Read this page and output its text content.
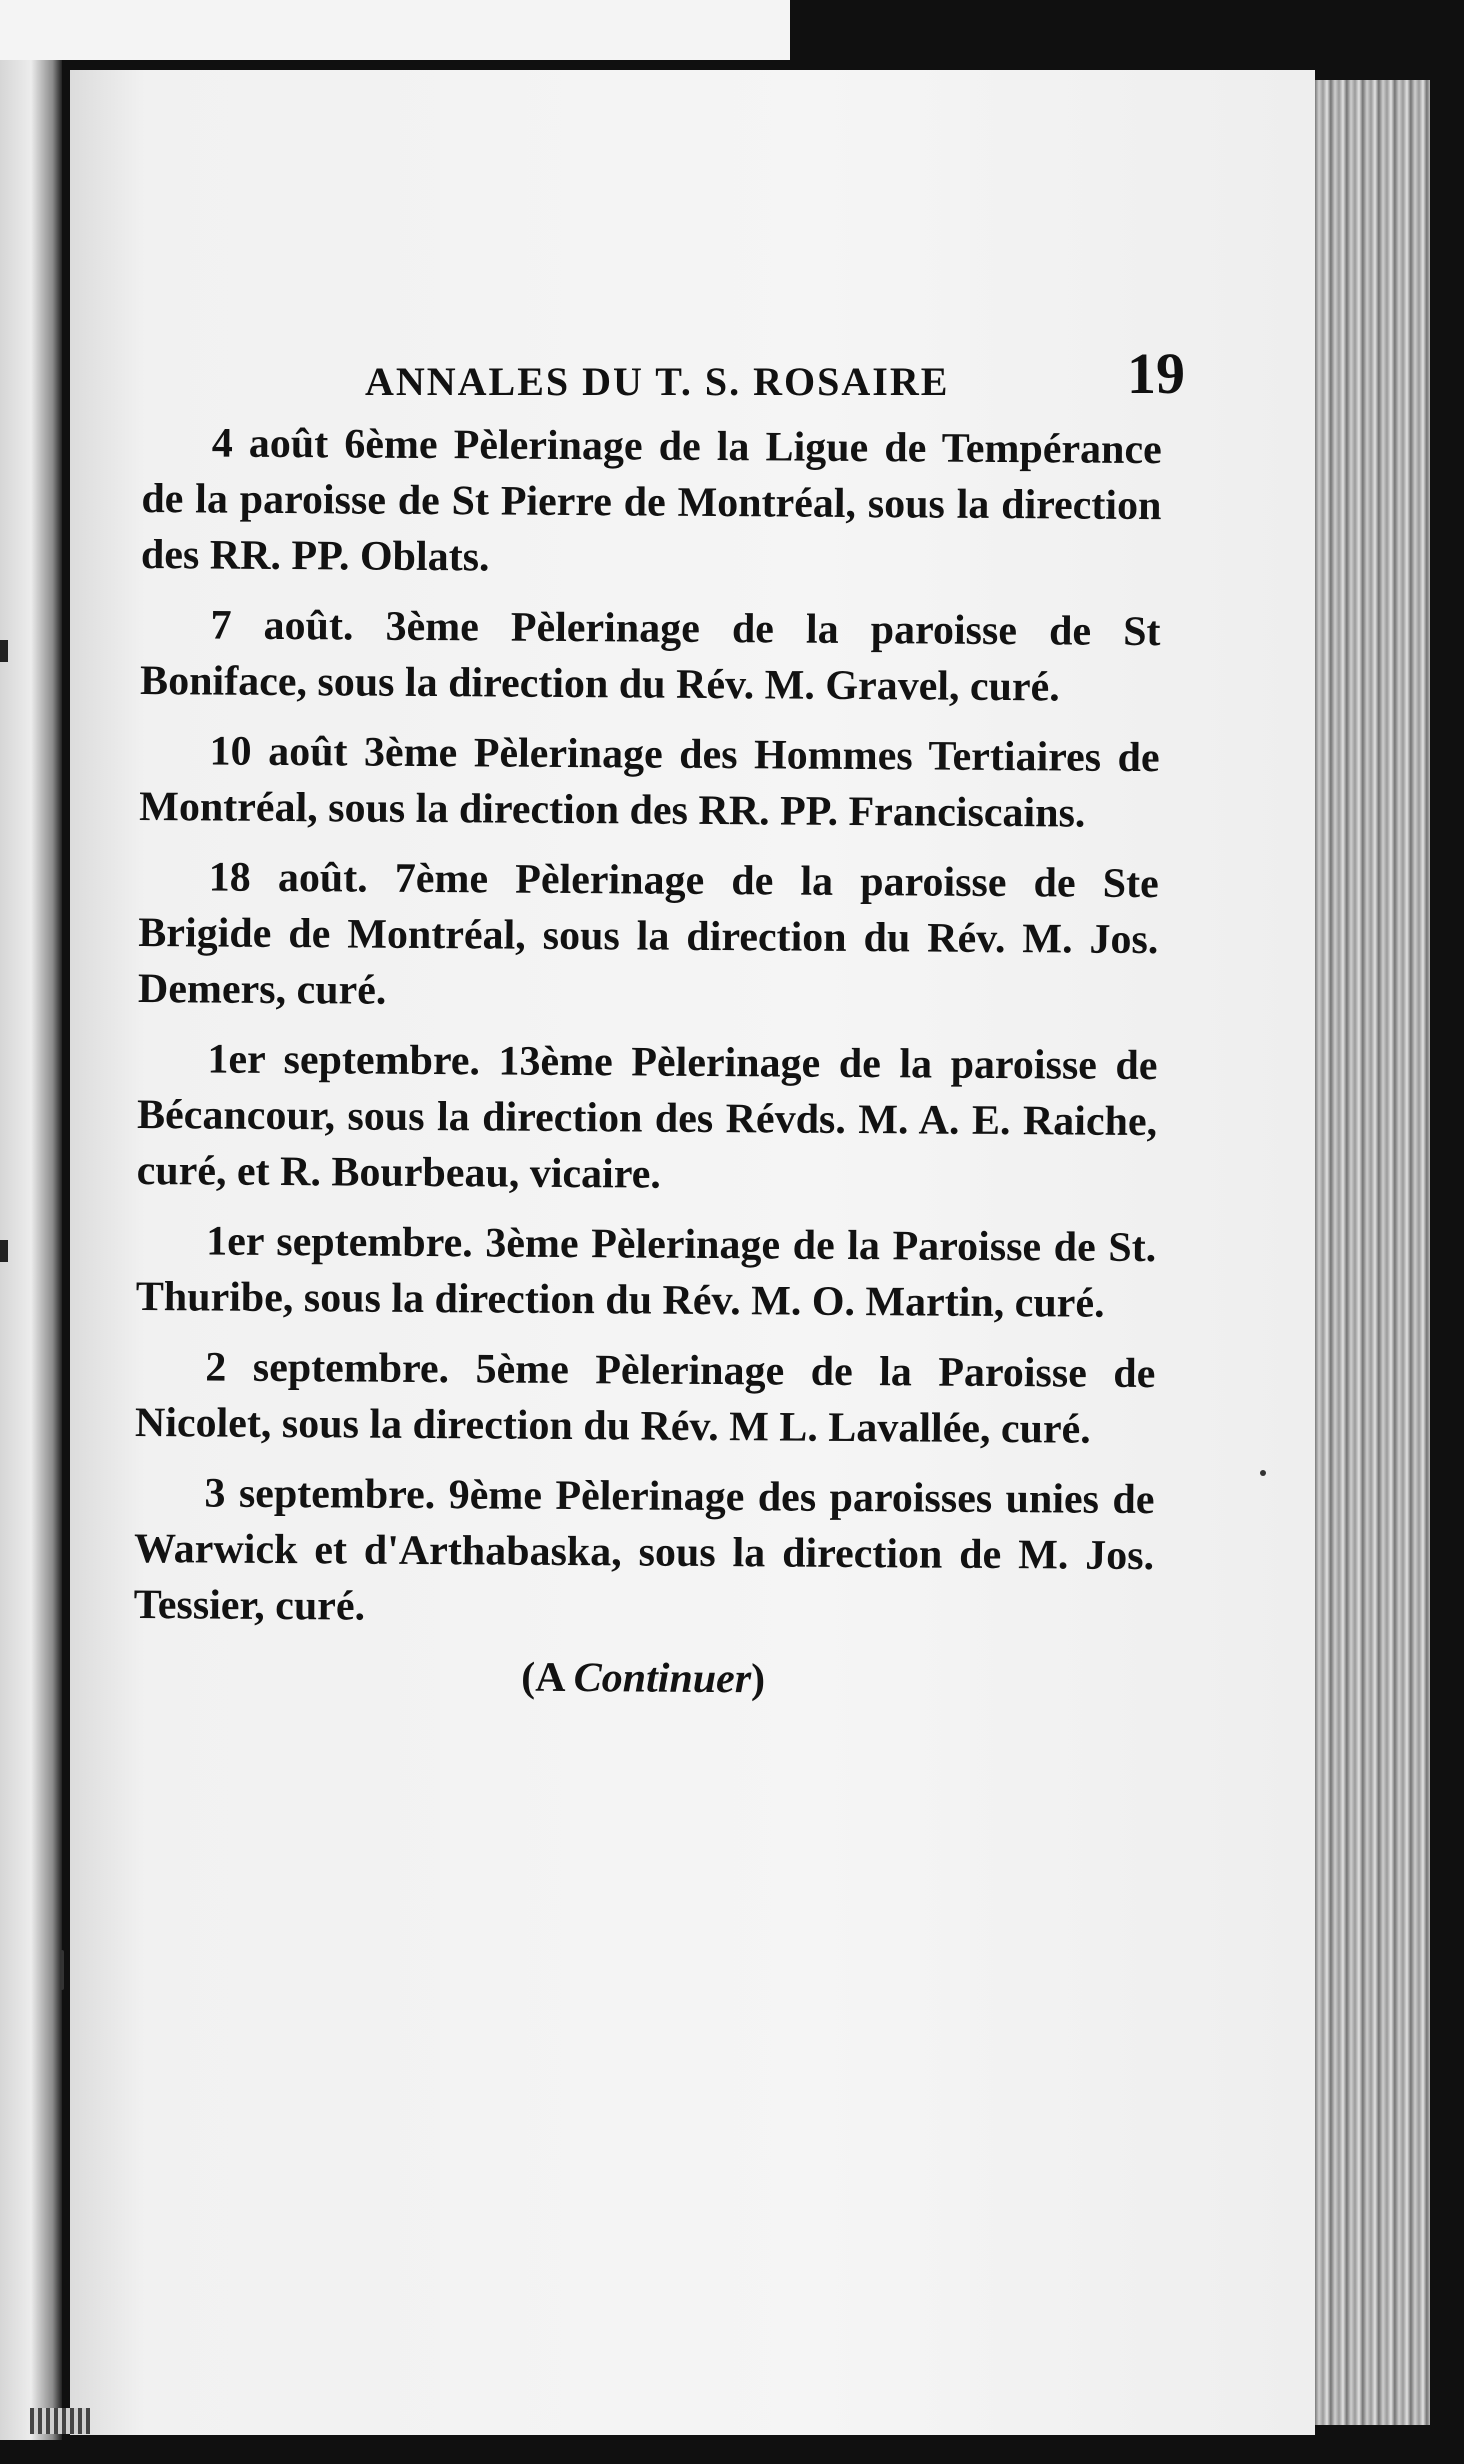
ANNALES DU T. S. ROSAIRE	19

4 août 6ème Pèlerinage de la Ligue de Tempérance de la paroisse de St Pierre de Montréal, sous la direction des RR. PP. Oblats.

7 août. 3ème Pèlerinage de la paroisse de St Boniface, sous la direction du Rév. M. Gravel, curé.

10 août 3ème Pèlerinage des Hommes Tertiaires de Montréal, sous la direction des RR. PP. Franciscains.

18 août. 7ème Pèlerinage de la paroisse de Ste Brigide de Montréal, sous la direction du Rév. M. Jos. Demers, curé.

1er septembre. 13ème Pèlerinage de la paroisse de Bécancour, sous la direction des Révds. M. A. E. Raiche, curé, et R. Bourbeau, vicaire.

1er septembre. 3ème Pèlerinage de la Paroisse de St. Thuribe, sous la direction du Rév. M. O. Martin, curé.

2 septembre. 5ème Pèlerinage de la Paroisse de Nicolet, sous la direction du Rév. M L. Lavallée, curé.

3 septembre. 9ème Pèlerinage des paroisses unies de Warwick et d'Arthabaska, sous la direction de M. Jos. Tessier, curé.

(A Continuer)
